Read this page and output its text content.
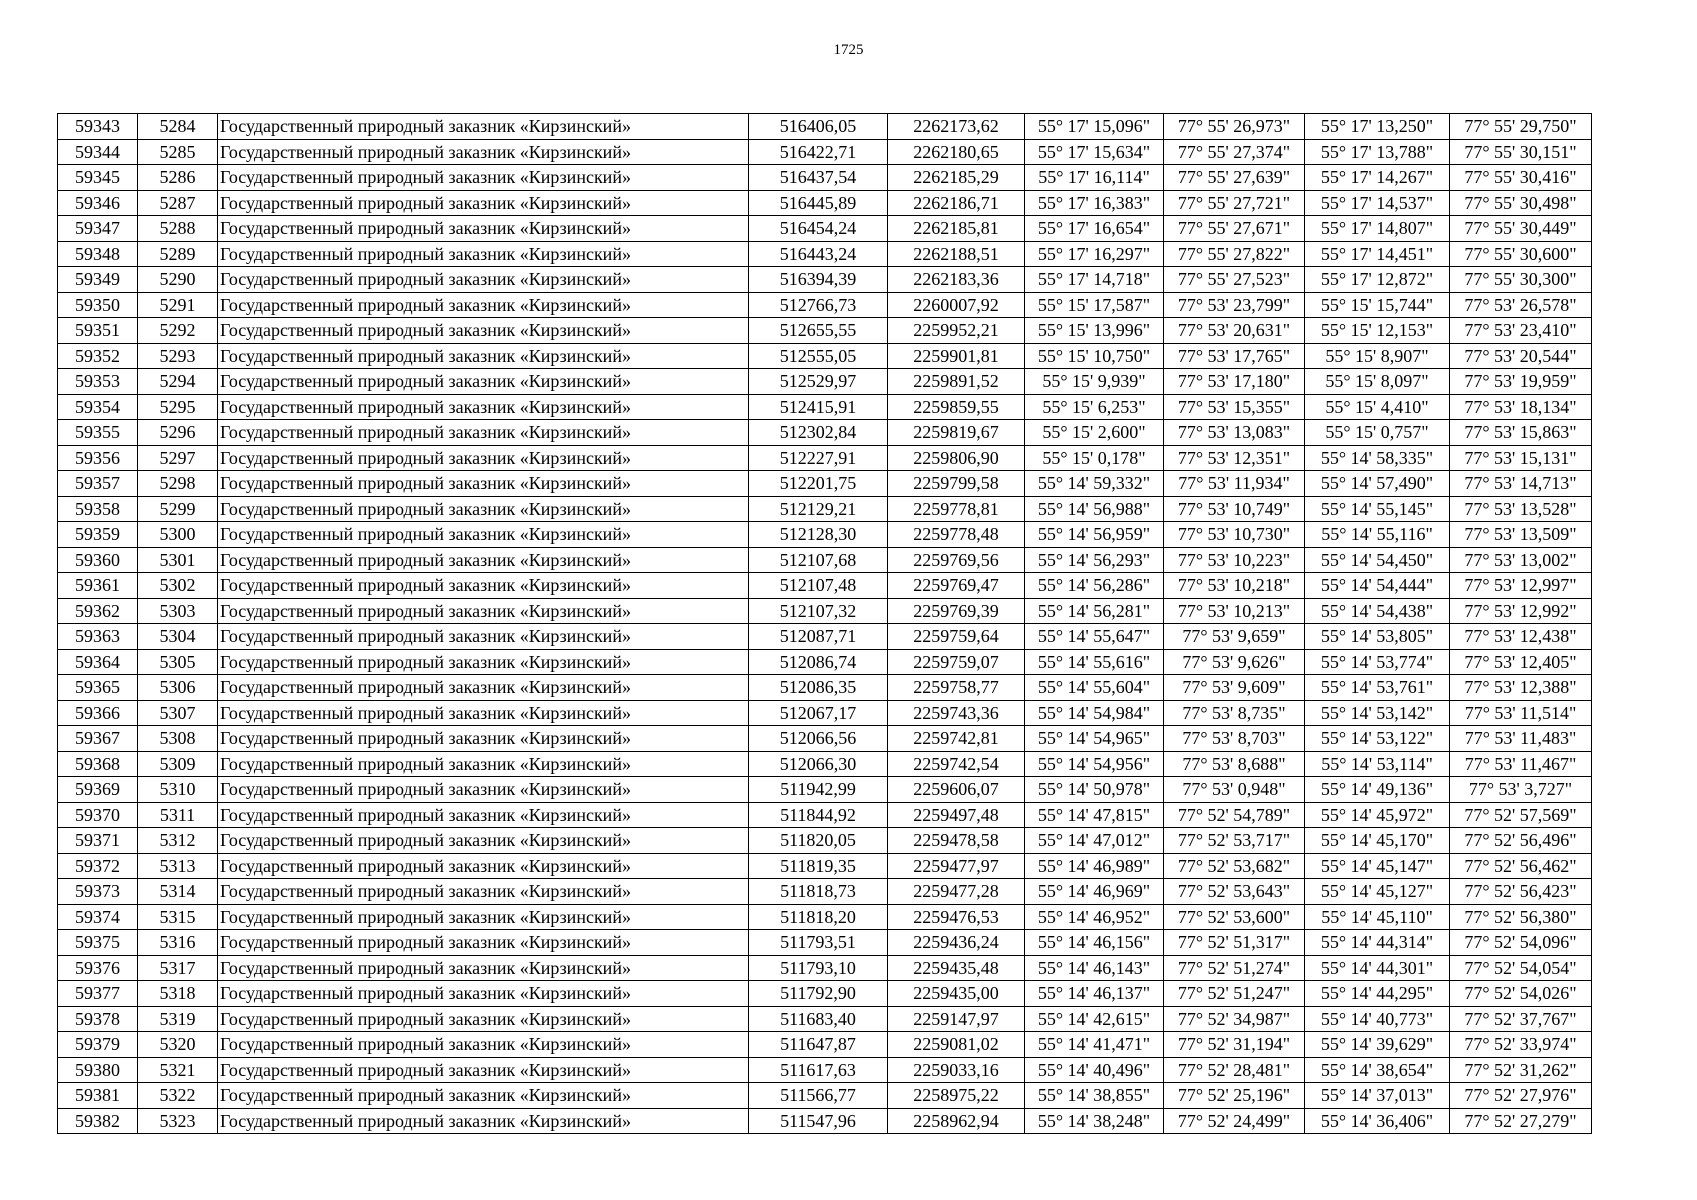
1725
59343	5284	Государственный природный заказник «Кирзинский»	516406,05	2262173,62	55° 17' 15,096"	77° 55' 26,973"	55° 17' 13,250"	77° 55' 29,750"
59344	5285	Государственный природный заказник «Кирзинский»	516422,71	2262180,65	55° 17' 15,634"	77° 55' 27,374"	55° 17' 13,788"	77° 55' 30,151"
59345	5286	Государственный природный заказник «Кирзинский»	516437,54	2262185,29	55° 17' 16,114"	77° 55' 27,639"	55° 17' 14,267"	77° 55' 30,416"
59346	5287	Государственный природный заказник «Кирзинский»	516445,89	2262186,71	55° 17' 16,383"	77° 55' 27,721"	55° 17' 14,537"	77° 55' 30,498"
59347	5288	Государственный природный заказник «Кирзинский»	516454,24	2262185,81	55° 17' 16,654"	77° 55' 27,671"	55° 17' 14,807"	77° 55' 30,449"
59348	5289	Государственный природный заказник «Кирзинский»	516443,24	2262188,51	55° 17' 16,297"	77° 55' 27,822"	55° 17' 14,451"	77° 55' 30,600"
59349	5290	Государственный природный заказник «Кирзинский»	516394,39	2262183,36	55° 17' 14,718"	77° 55' 27,523"	55° 17' 12,872"	77° 55' 30,300"
59350	5291	Государственный природный заказник «Кирзинский»	512766,73	2260007,92	55° 15' 17,587"	77° 53' 23,799"	55° 15' 15,744"	77° 53' 26,578"
59351	5292	Государственный природный заказник «Кирзинский»	512655,55	2259952,21	55° 15' 13,996"	77° 53' 20,631"	55° 15' 12,153"	77° 53' 23,410"
59352	5293	Государственный природный заказник «Кирзинский»	512555,05	2259901,81	55° 15' 10,750"	77° 53' 17,765"	55° 15' 8,907"	77° 53' 20,544"
59353	5294	Государственный природный заказник «Кирзинский»	512529,97	2259891,52	55° 15' 9,939"	77° 53' 17,180"	55° 15' 8,097"	77° 53' 19,959"
59354	5295	Государственный природный заказник «Кирзинский»	512415,91	2259859,55	55° 15' 6,253"	77° 53' 15,355"	55° 15' 4,410"	77° 53' 18,134"
59355	5296	Государственный природный заказник «Кирзинский»	512302,84	2259819,67	55° 15' 2,600"	77° 53' 13,083"	55° 15' 0,757"	77° 53' 15,863"
59356	5297	Государственный природный заказник «Кирзинский»	512227,91	2259806,90	55° 15' 0,178"	77° 53' 12,351"	55° 14' 58,335"	77° 53' 15,131"
59357	5298	Государственный природный заказник «Кирзинский»	512201,75	2259799,58	55° 14' 59,332"	77° 53' 11,934"	55° 14' 57,490"	77° 53' 14,713"
59358	5299	Государственный природный заказник «Кирзинский»	512129,21	2259778,81	55° 14' 56,988"	77° 53' 10,749"	55° 14' 55,145"	77° 53' 13,528"
59359	5300	Государственный природный заказник «Кирзинский»	512128,30	2259778,48	55° 14' 56,959"	77° 53' 10,730"	55° 14' 55,116"	77° 53' 13,509"
59360	5301	Государственный природный заказник «Кирзинский»	512107,68	2259769,56	55° 14' 56,293"	77° 53' 10,223"	55° 14' 54,450"	77° 53' 13,002"
59361	5302	Государственный природный заказник «Кирзинский»	512107,48	2259769,47	55° 14' 56,286"	77° 53' 10,218"	55° 14' 54,444"	77° 53' 12,997"
59362	5303	Государственный природный заказник «Кирзинский»	512107,32	2259769,39	55° 14' 56,281"	77° 53' 10,213"	55° 14' 54,438"	77° 53' 12,992"
59363	5304	Государственный природный заказник «Кирзинский»	512087,71	2259759,64	55° 14' 55,647"	77° 53' 9,659"	55° 14' 53,805"	77° 53' 12,438"
59364	5305	Государственный природный заказник «Кирзинский»	512086,74	2259759,07	55° 14' 55,616"	77° 53' 9,626"	55° 14' 53,774"	77° 53' 12,405"
59365	5306	Государственный природный заказник «Кирзинский»	512086,35	2259758,77	55° 14' 55,604"	77° 53' 9,609"	55° 14' 53,761"	77° 53' 12,388"
59366	5307	Государственный природный заказник «Кирзинский»	512067,17	2259743,36	55° 14' 54,984"	77° 53' 8,735"	55° 14' 53,142"	77° 53' 11,514"
59367	5308	Государственный природный заказник «Кирзинский»	512066,56	2259742,81	55° 14' 54,965"	77° 53' 8,703"	55° 14' 53,122"	77° 53' 11,483"
59368	5309	Государственный природный заказник «Кирзинский»	512066,30	2259742,54	55° 14' 54,956"	77° 53' 8,688"	55° 14' 53,114"	77° 53' 11,467"
59369	5310	Государственный природный заказник «Кирзинский»	511942,99	2259606,07	55° 14' 50,978"	77° 53' 0,948"	55° 14' 49,136"	77° 53' 3,727"
59370	5311	Государственный природный заказник «Кирзинский»	511844,92	2259497,48	55° 14' 47,815"	77° 52' 54,789"	55° 14' 45,972"	77° 52' 57,569"
59371	5312	Государственный природный заказник «Кирзинский»	511820,05	2259478,58	55° 14' 47,012"	77° 52' 53,717"	55° 14' 45,170"	77° 52' 56,496"
59372	5313	Государственный природный заказник «Кирзинский»	511819,35	2259477,97	55° 14' 46,989"	77° 52' 53,682"	55° 14' 45,147"	77° 52' 56,462"
59373	5314	Государственный природный заказник «Кирзинский»	511818,73	2259477,28	55° 14' 46,969"	77° 52' 53,643"	55° 14' 45,127"	77° 52' 56,423"
59374	5315	Государственный природный заказник «Кирзинский»	511818,20	2259476,53	55° 14' 46,952"	77° 52' 53,600"	55° 14' 45,110"	77° 52' 56,380"
59375	5316	Государственный природный заказник «Кирзинский»	511793,51	2259436,24	55° 14' 46,156"	77° 52' 51,317"	55° 14' 44,314"	77° 52' 54,096"
59376	5317	Государственный природный заказник «Кирзинский»	511793,10	2259435,48	55° 14' 46,143"	77° 52' 51,274"	55° 14' 44,301"	77° 52' 54,054"
59377	5318	Государственный природный заказник «Кирзинский»	511792,90	2259435,00	55° 14' 46,137"	77° 52' 51,247"	55° 14' 44,295"	77° 52' 54,026"
59378	5319	Государственный природный заказник «Кирзинский»	511683,40	2259147,97	55° 14' 42,615"	77° 52' 34,987"	55° 14' 40,773"	77° 52' 37,767"
59379	5320	Государственный природный заказник «Кирзинский»	511647,87	2259081,02	55° 14' 41,471"	77° 52' 31,194"	55° 14' 39,629"	77° 52' 33,974"
59380	5321	Государственный природный заказник «Кирзинский»	511617,63	2259033,16	55° 14' 40,496"	77° 52' 28,481"	55° 14' 38,654"	77° 52' 31,262"
59381	5322	Государственный природный заказник «Кирзинский»	511566,77	2258975,22	55° 14' 38,855"	77° 52' 25,196"	55° 14' 37,013"	77° 52' 27,976"
59382	5323	Государственный природный заказник «Кирзинский»	511547,96	2258962,94	55° 14' 38,248"	77° 52' 24,499"	55° 14' 36,406"	77° 52' 27,279"
